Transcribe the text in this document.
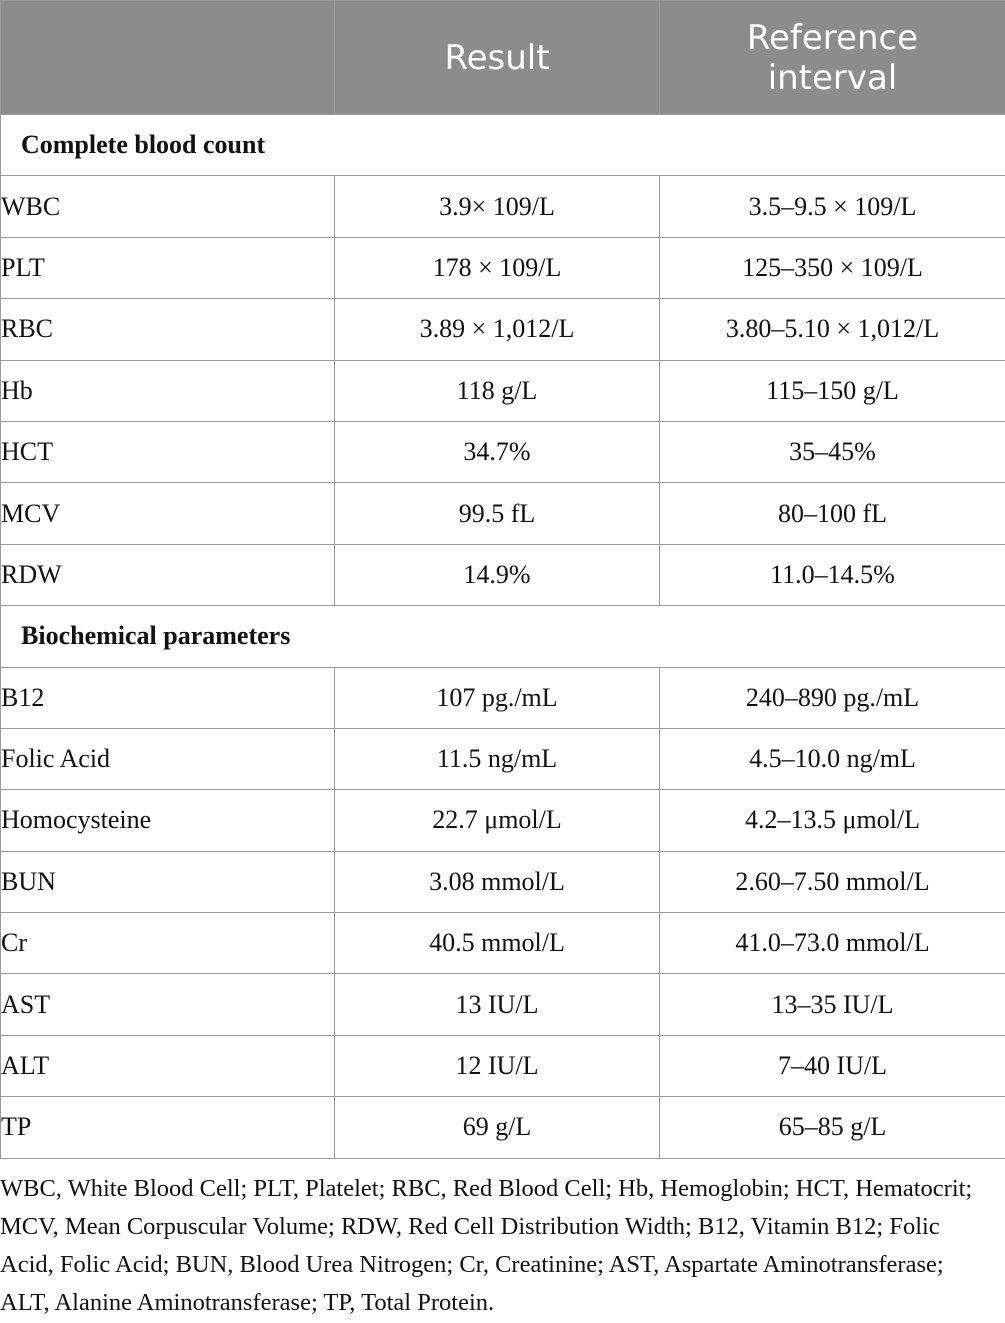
	Result	Reference interval
Complete blood count		
WBC	3.9× 109/L	3.5–9.5 × 109/L
PLT	178 × 109/L	125–350 × 109/L
RBC	3.89 × 1,012/L	3.80–5.10 × 1,012/L
Hb	118 g/L	115–150 g/L
HCT	34.7%	35–45%
MCV	99.5 fL	80–100 fL
RDW	14.9%	11.0–14.5%
Biochemical parameters		
B12	107 pg./mL	240–890 pg./mL
Folic Acid	11.5 ng/mL	4.5–10.0 ng/mL
Homocysteine	22.7 μmol/L	4.2–13.5 μmol/L
BUN	3.08 mmol/L	2.60–7.50 mmol/L
Cr	40.5 mmol/L	41.0–73.0 mmol/L
AST	13 IU/L	13–35 IU/L
ALT	12 IU/L	7–40 IU/L
TP	69 g/L	65–85 g/L

WBC, White Blood Cell; PLT, Platelet; RBC, Red Blood Cell; Hb, Hemoglobin; HCT, Hematocrit; MCV, Mean Corpuscular Volume; RDW, Red Cell Distribution Width; B12, Vitamin B12; Folic Acid, Folic Acid; BUN, Blood Urea Nitrogen; Cr, Creatinine; AST, Aspartate Aminotransferase; ALT, Alanine Aminotransferase; TP, Total Protein.
